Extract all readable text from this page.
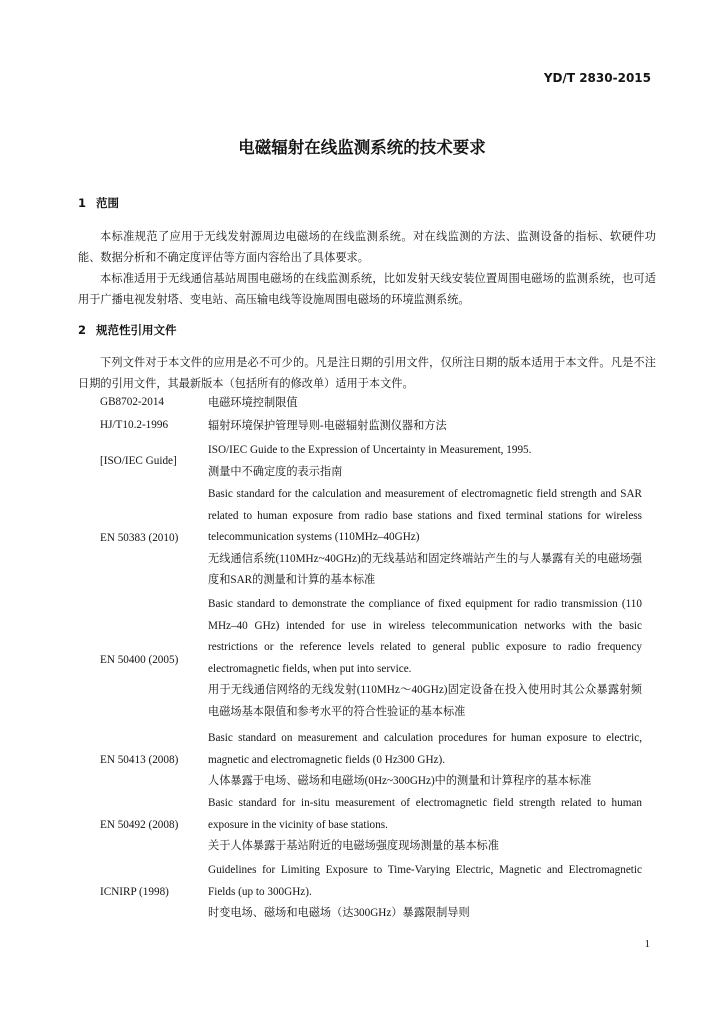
YD/T 2830-2015
电磁辐射在线监测系统的技术要求
1 范围

本标准规范了应用于无线发射源周边电磁场的在线监测系统。对在线监测的方法、监测设备的指标、软硬件功能、数据分析和不确定度评估等方面内容给出了具体要求。

本标准适用于无线通信基站周围电磁场的在线监测系统，比如发射天线安装位置周围电磁场的监测系统，也可适用于广播电视发射塔、变电站、高压输电线等设施周围电磁场的环境监测系统。

2 规范性引用文件

下列文件对于本文件的应用是必不可少的。凡是注日期的引用文件，仅所注日期的版本适用于本文件。凡是不注日期的引用文件，其最新版本（包括所有的修改单）适用于本文件。

GB8702-2014	电磁环境控制限值
HJ/T10.2-1996	辐射环境保护管理导则-电磁辐射监测仪器和方法
[ISO/IEC Guide]
ISO/IEC Guide to the Expression of Uncertainty in Measurement, 1995.
测量中不确定度的表示指南
EN 50383 (2010)
Basic standard for the calculation and measurement of electromagnetic field strength and SAR related to human exposure from radio base stations and fixed terminal stations for wireless telecommunication systems (110MHz–40GHz)
无线通信系统(110MHz~40GHz)的无线基站和固定终端站产生的与人暴露有关的电磁场强度和SAR的测量和计算的基本标准
EN 50400 (2005)
Basic standard to demonstrate the compliance of fixed equipment for radio transmission (110 MHz–40 GHz) intended for use in wireless telecommunication networks with the basic restrictions or the reference levels related to general public exposure to radio frequency electromagnetic fields, when put into service.
用于无线通信网络的无线发射(110MHz～40GHz)固定设备在投入使用时其公众暴露射频电磁场基本限值和参考水平的符合性验证的基本标准
EN 50413 (2008)
Basic standard on measurement and calculation procedures for human exposure to electric, magnetic and electromagnetic fields (0 Hz300 GHz).
人体暴露于电场、磁场和电磁场(0Hz~300GHz)中的测量和计算程序的基本标准
EN 50492 (2008)
Basic standard for in-situ measurement of electromagnetic field strength related to human exposure in the vicinity of base stations.
关于人体暴露于基站附近的电磁场强度现场测量的基本标准
ICNIRP (1998)
Guidelines for Limiting Exposure to Time-Varying Electric, Magnetic and Electromagnetic Fields (up to 300GHz).
时变电场、磁场和电磁场（达300GHz）暴露限制导则
1
